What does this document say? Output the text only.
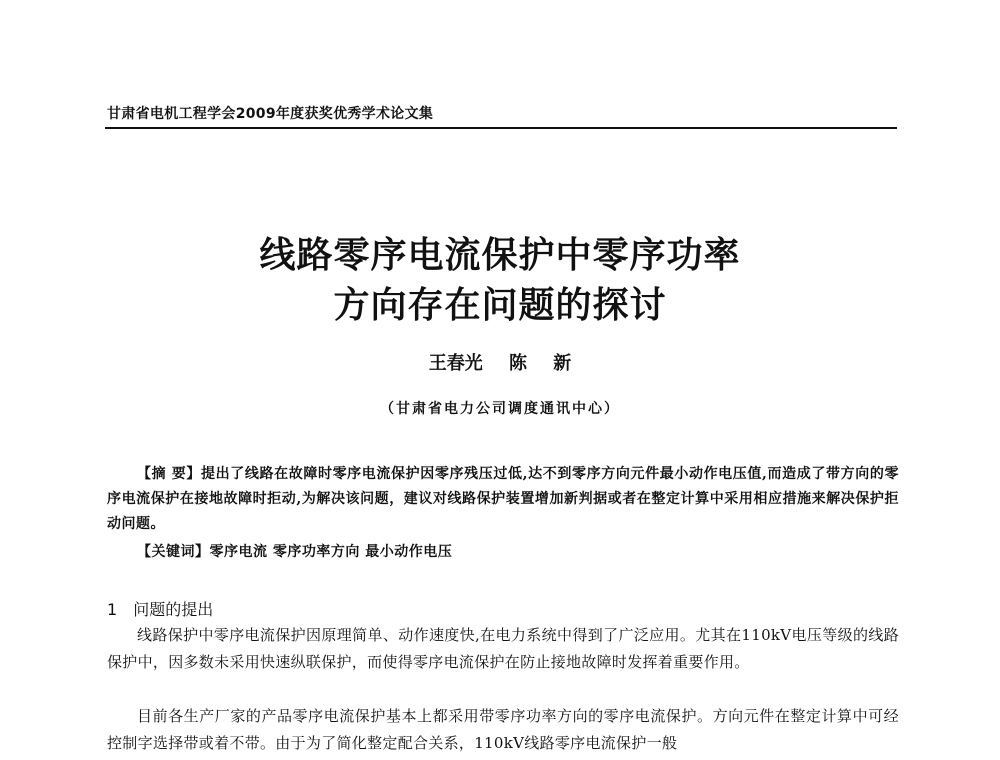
甘肃省电机工程学会2009年度获奖优秀学术论文集
线路零序电流保护中零序功率
方向存在问题的探讨
王春光 陈 新
（甘肃省电力公司调度通讯中心）
【摘 要】提出了线路在故障时零序电流保护因零序残压过低,达不到零序方向元件最小动作电压值,而造成了带方向的零序电流保护在接地故障时拒动,为解决该问题，建议对线路保护装置增加新判据或者在整定计算中采用相应措施来解决保护拒动问题。
【关键词】零序电流 零序功率方向 最小动作电压
1 问题的提出
线路保护中零序电流保护因原理简单、动作速度快,在电力系统中得到了广泛应用。尤其在110kV电压等级的线路保护中，因多数未采用快速纵联保护，而使得零序电流保护在防止接地故障时发挥着重要作用。
目前各生产厂家的产品零序电流保护基本上都采用带零序功率方向的零序电流保护。方向元件在整定计算中可经控制字选择带或着不带。由于为了简化整定配合关系，110kV线路零序电流保护一般
